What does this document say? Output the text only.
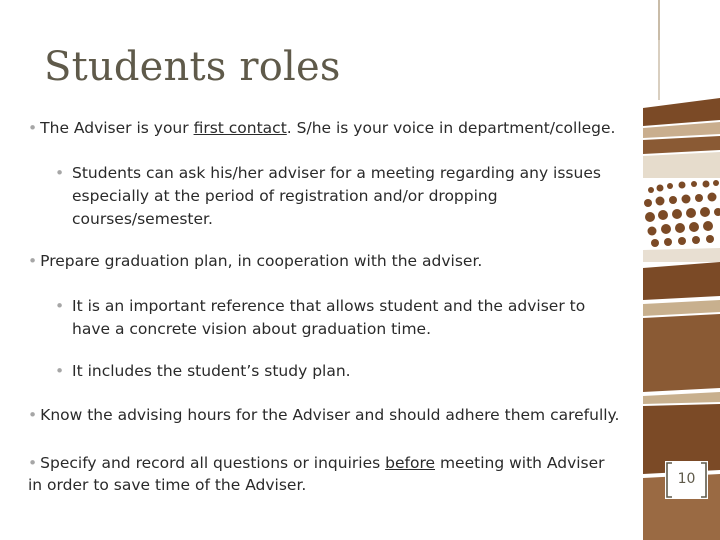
Students roles
• The Adviser is your first contact. S/he is your voice in department/college.
• Students can ask his/her adviser for a meeting regarding any issues
especially at the period of registration and/or dropping
courses/semester.
• Prepare graduation plan, in cooperation with the adviser.
• It is an important reference that allows student and the adviser to
have a concrete vision about graduation time.
• It includes the student’s study plan.
• Know the advising hours for the Adviser and should adhere them carefully.
• Specify and record all questions or inquiries before meeting with Adviser
in order to save time of the Adviser.	10
